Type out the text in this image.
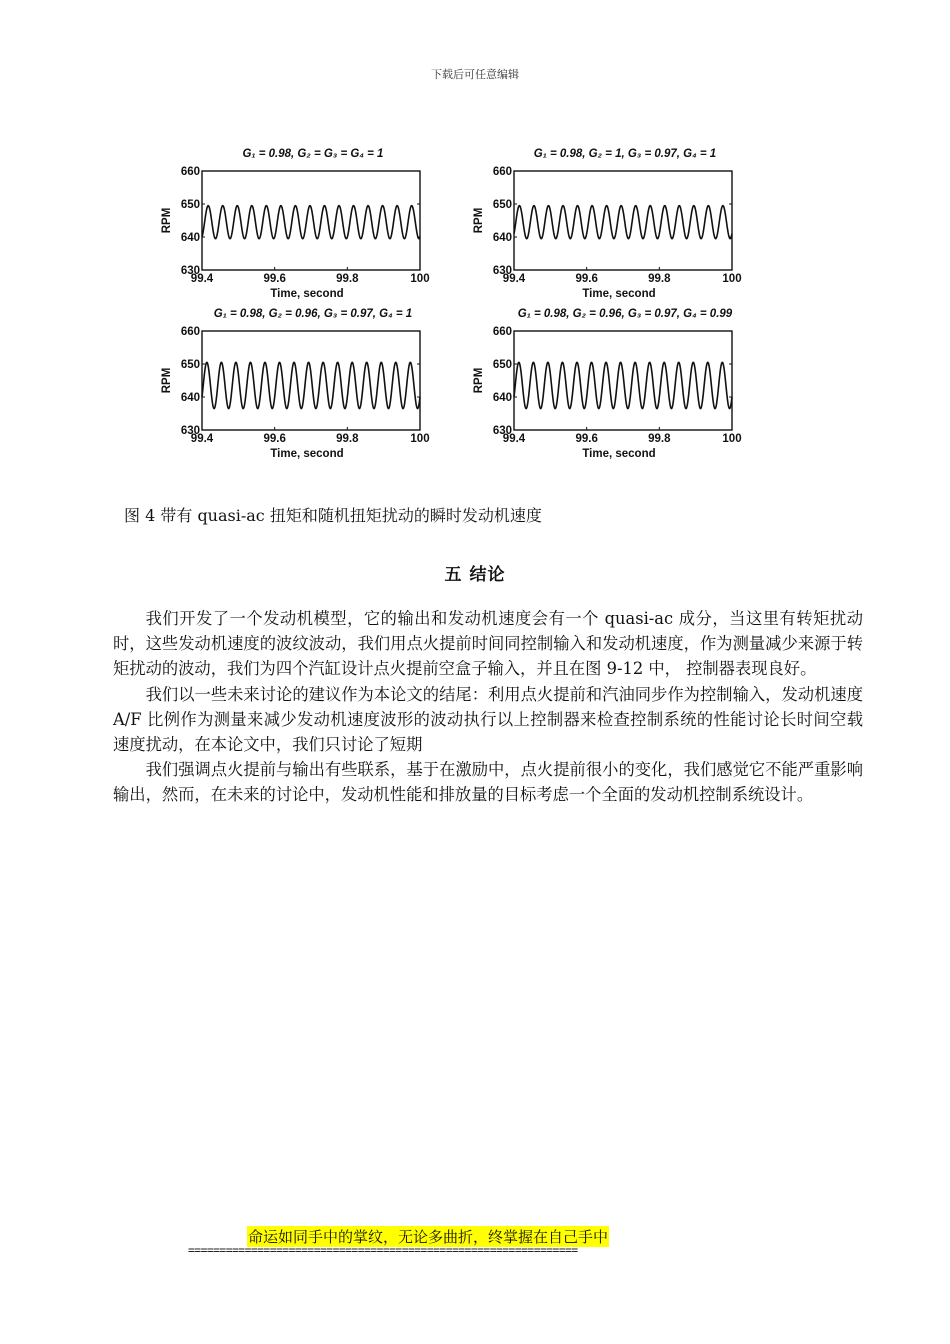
下载后可任意编辑
G₁ = 0.98, G₂ = G₃ = G₄ = 1
630
640
650
660
99.4	99.6	99.8	100
Time, second
RPM
G₁ = 0.98, G₂ = 1, G₃ = 0.97, G₄ = 1
630
640
650
660
99.4	99.6	99.8	100
Time, second
RPM
G₁ = 0.98, G₂ = 0.96, G₃ = 0.97, G₄ = 1
630
640
650
660
99.4	99.6	99.8	100
Time, second
RPM
G₁ = 0.98, G₂ = 0.96, G₃ = 0.97, G₄ = 0.99
630
640
650
660
99.4	99.6	99.8	100
Time, second
RPM
图 4 带有 quasi-ac 扭矩和随机扭矩扰动的瞬时发动机速度
五 结论

我们开发了一个发动机模型，它的输出和发动机速度会有一个 quasi-ac 成分，当这里有转矩扰动时，这些发动机速度的波纹波动，我们用点火提前时间同控制输入和发动机速度，作为测量减少来源于转矩扰动的波动，我们为四个汽缸设计点火提前空盒子输入，并且在图 9-12 中， 控制器表现良好。

我们以一些未来讨论的建议作为本论文的结尾：利用点火提前和汽油同步作为控制输入，发动机速度 A/F 比例作为测量来减少发动机速度波形的波动执行以上控制器来检查控制系统的性能讨论长时间空载速度扰动，在本论文中，我们只讨论了短期

我们强调点火提前与输出有些联系，基于在激励中，点火提前很小的变化，我们感觉它不能严重影响输出，然而，在未来的讨论中，发动机性能和排放量的目标考虑一个全面的发动机控制系统设计。

命运如同手中的掌纹，无论多曲折，终掌握在自己手中
==============================================================
